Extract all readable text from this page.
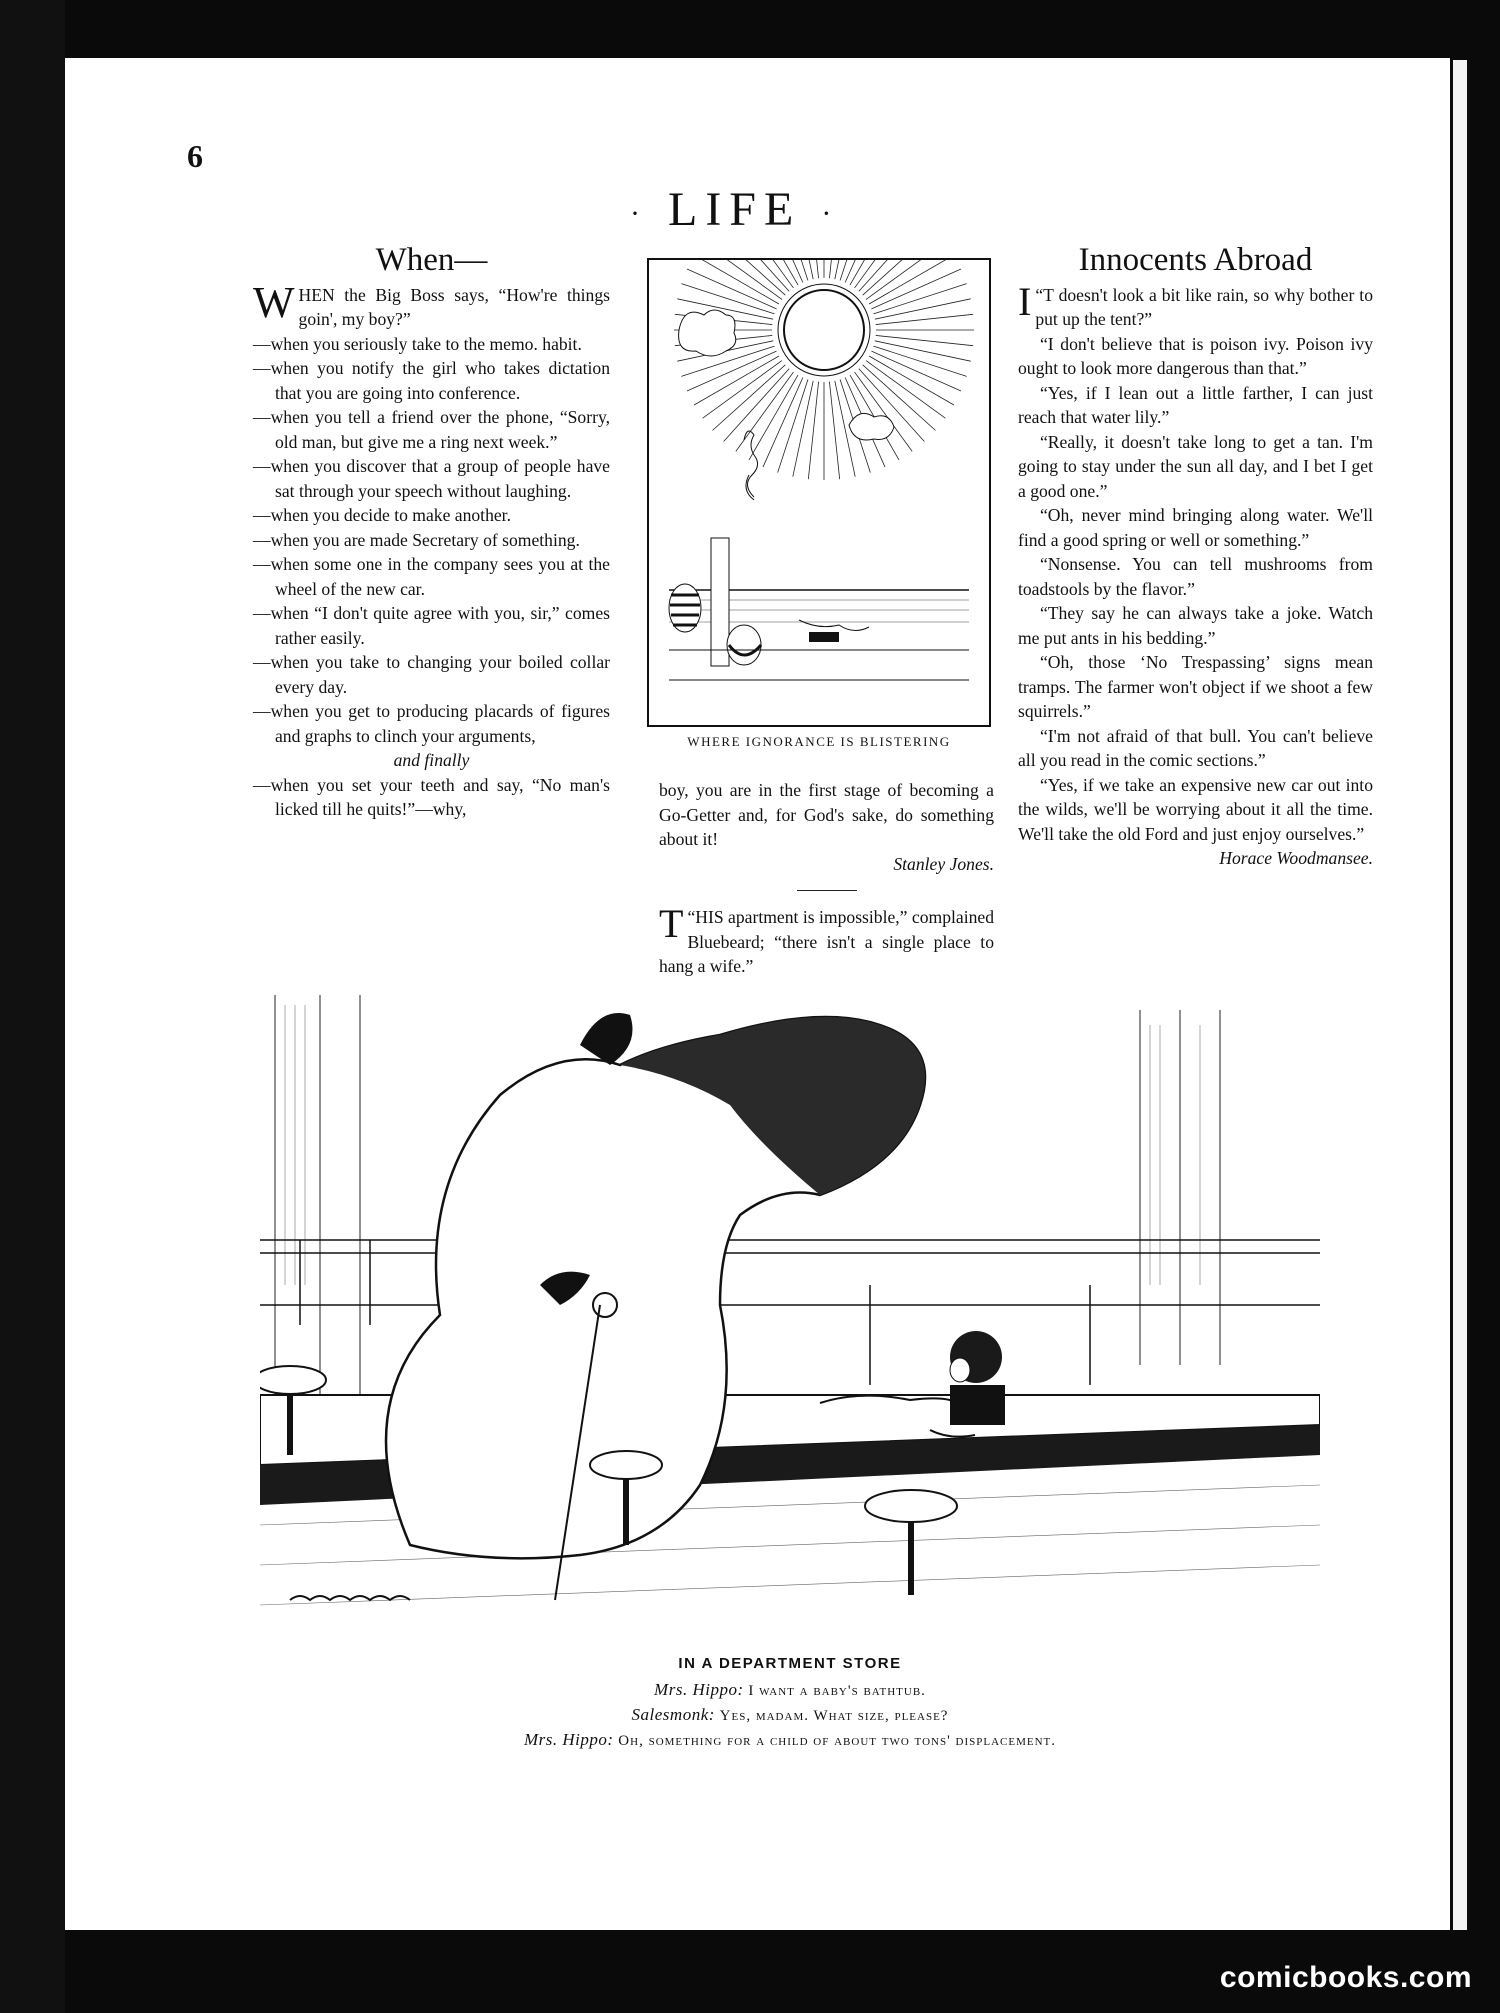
6
· LIFE ·
When—

WHEN the Big Boss says, “How're things goin', my boy?”

—when you seriously take to the memo. habit.

—when you notify the girl who takes dictation that you are going into conference.

—when you tell a friend over the phone, “Sorry, old man, but give me a ring next week.”

—when you discover that a group of people have sat through your speech without laughing.

—when you decide to make another.

—when you are made Secretary of something.

—when some one in the company sees you at the wheel of the new car.

—when “I don't quite agree with you, sir,” comes rather easily.

—when you take to changing your boiled collar every day.

—when you get to producing placards of figures and graphs to clinch your arguments,

and finally

—when you set your teeth and say, “No man's licked till he quits!”—why,

WHERE IGNORANCE IS BLISTERING

boy, you are in the first stage of becoming a Go-Getter and, for God's sake, do something about it!

Stanley Jones.

“
T HIS apartment is impossible,” complained Bluebeard; “there isn't a single place to hang a wife.”

Innocents Abroad

“
I T doesn't look a bit like rain, so why bother to put up the tent?”

“I don't believe that is poison ivy. Poison ivy ought to look more dangerous than that.”

“Yes, if I lean out a little farther, I can just reach that water lily.”

“Really, it doesn't take long to get a tan. I'm going to stay under the sun all day, and I bet I get a good one.”

“Oh, never mind bringing along water. We'll find a good spring or well or something.”

“Nonsense. You can tell mushrooms from toadstools by the flavor.”

“They say he can always take a joke. Watch me put ants in his bedding.”

“Oh, those ‘No Trespassing’ signs mean tramps. The farmer won't object if we shoot a few squirrels.”

“I'm not afraid of that bull. You can't believe all you read in the comic sections.”

“Yes, if we take an expensive new car out into the wilds, we'll be worrying about it all the time. We'll take the old Ford and just enjoy ourselves.”

Horace Woodmansee.

IN A DEPARTMENT STORE
Mrs. Hippo: I want a baby's bathtub.
Salesmonk: Yes, madam. What size, please?
Mrs. Hippo: Oh, something for a child of about two tons' displacement.
comicbooks.com
